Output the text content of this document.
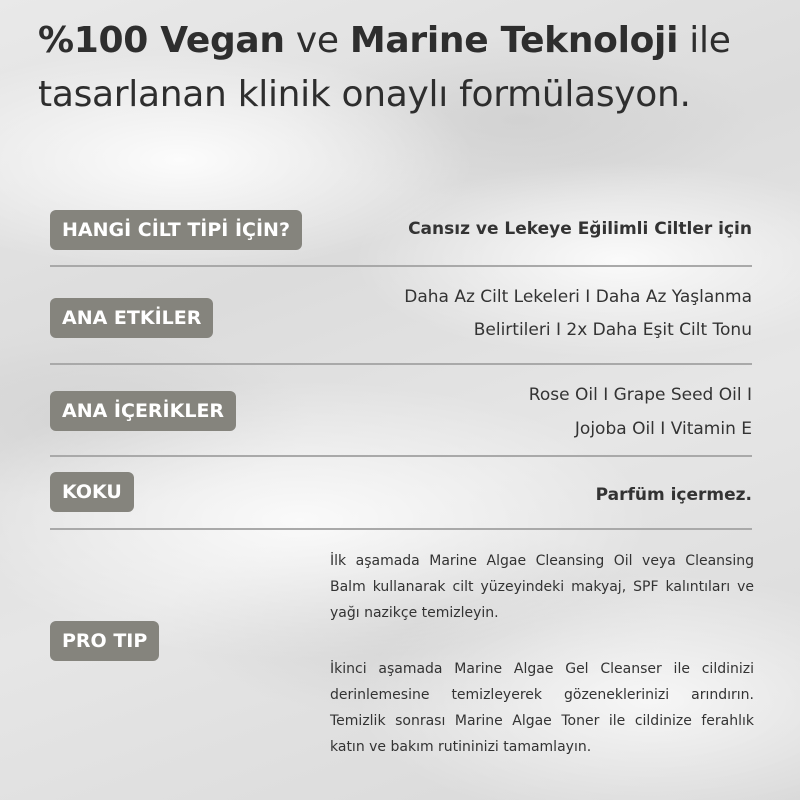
%100 Vegan ve Marine Teknoloji ile
tasarlanan klinik onaylı formülasyon.
HANGİ CİLT TİPİ İÇİN?	Cansız ve Lekeye Eğilimli Ciltler için
ANA ETKİLER
Daha Az Cilt Lekeleri I Daha Az Yaşlanma
Belirtileri I 2x Daha Eşit Cilt Tonu
ANA İÇERİKLER
Rose Oil I Grape Seed Oil I
Jojoba Oil I Vitamin E
KOKU	Parfüm içermez.
PRO TIP
İlk aşamada Marine Algae Cleansing Oil veya Cleansing Balm kullanarak cilt yüzeyindeki makyaj, SPF kalıntıları ve yağı nazikçe temizleyin.
İkinci aşamada Marine Algae Gel Cleanser ile cildinizi derinlemesine temizleyerek gözeneklerinizi arındırın. Temizlik sonrası Marine Algae Toner ile cildinize ferahlık katın ve bakım rutininizi tamamlayın.
